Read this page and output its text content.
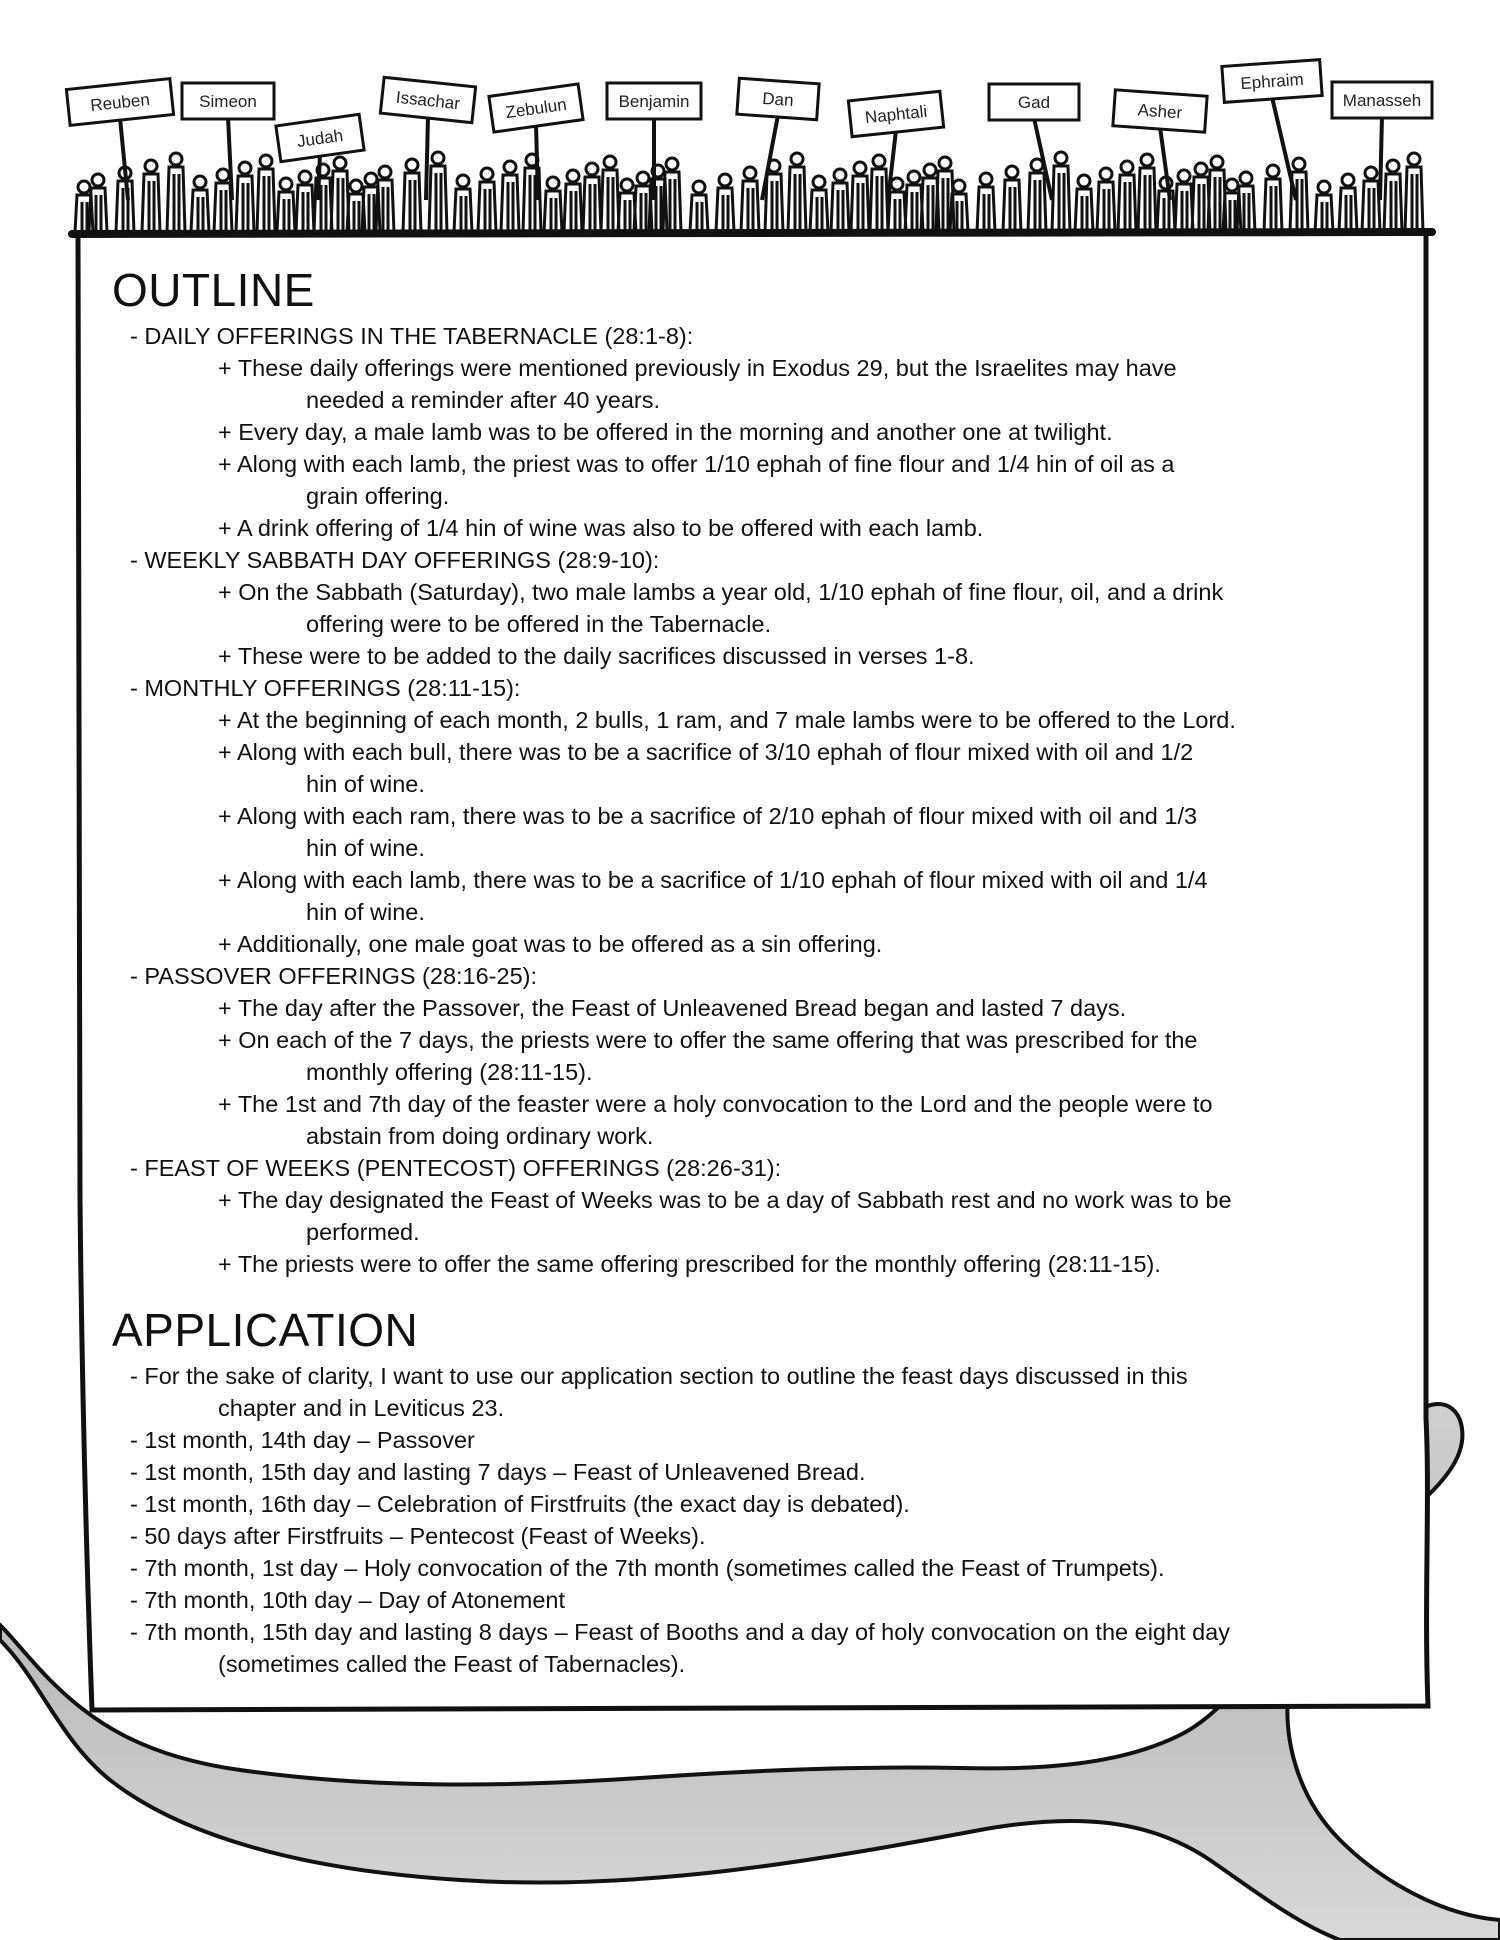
Reuben	Simeon
Judah
Issachar	Zebulun	Benjamin	Dan
Naphtali	Gad	Asher
Ephraim
Manasseh
OUTLINE
- DAILY OFFERINGS IN THE TABERNACLE (28:1-8):
+ These daily offerings were mentioned previously in Exodus 29, but the Israelites may have
needed a reminder after 40 years.
+ Every day, a male lamb was to be offered in the morning and another one at twilight.
+ Along with each lamb, the priest was to offer 1/10 ephah of fine flour and 1/4 hin of oil as a
grain offering.
+ A drink offering of 1/4 hin of wine was also to be offered with each lamb.
- WEEKLY SABBATH DAY OFFERINGS (28:9-10):
+ On the Sabbath (Saturday), two male lambs a year old, 1/10 ephah of fine flour, oil, and a drink
offering were to be offered in the Tabernacle.
+ These were to be added to the daily sacrifices discussed in verses 1-8.
- MONTHLY OFFERINGS (28:11-15):
+ At the beginning of each month, 2 bulls, 1 ram, and 7 male lambs were to be offered to the Lord.
+ Along with each bull, there was to be a sacrifice of 3/10 ephah of flour mixed with oil and 1/2
hin of wine.
+ Along with each ram, there was to be a sacrifice of 2/10 ephah of flour mixed with oil and 1/3
hin of wine.
+ Along with each lamb, there was to be a sacrifice of 1/10 ephah of flour mixed with oil and 1/4
hin of wine.
+ Additionally, one male goat was to be offered as a sin offering.
- PASSOVER OFFERINGS (28:16-25):
+ The day after the Passover, the Feast of Unleavened Bread began and lasted 7 days.
+ On each of the 7 days, the priests were to offer the same offering that was prescribed for the
monthly offering (28:11-15).
+ The 1st and 7th day of the feaster were a holy convocation to the Lord and the people were to
abstain from doing ordinary work.
- FEAST OF WEEKS (PENTECOST) OFFERINGS (28:26-31):
+ The day designated the Feast of Weeks was to be a day of Sabbath rest and no work was to be
performed.
+ The priests were to offer the same offering prescribed for the monthly offering (28:11-15).
APPLICATION
- For the sake of clarity, I want to use our application section to outline the feast days discussed in this
chapter and in Leviticus 23.
- 1st month, 14th day – Passover
- 1st month, 15th day and lasting 7 days – Feast of Unleavened Bread.
- 1st month, 16th day – Celebration of Firstfruits (the exact day is debated).
- 50 days after Firstfruits – Pentecost (Feast of Weeks).
- 7th month, 1st day – Holy convocation of the 7th month (sometimes called the Feast of Trumpets).
- 7th month, 10th day – Day of Atonement
- 7th month, 15th day and lasting 8 days – Feast of Booths and a day of holy convocation on the eight day
(sometimes called the Feast of Tabernacles).
